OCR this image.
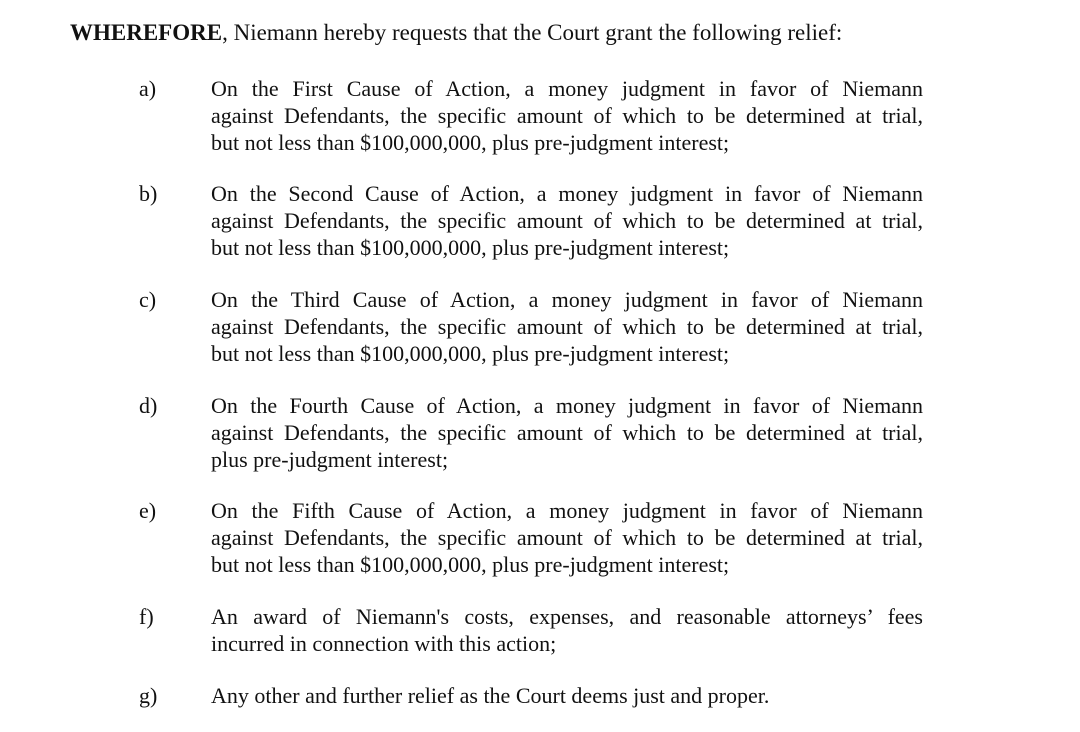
WHEREFORE, Niemann hereby requests that the Court grant the following relief:
a) On the First Cause of Action, a money judgment in favor of Niemann
against Defendants, the specific amount of which to be determined at trial,
but not less than $100,000,000, plus pre-judgment interest;
b) On the Second Cause of Action, a money judgment in favor of Niemann
against Defendants, the specific amount of which to be determined at trial,
but not less than $100,000,000, plus pre-judgment interest;
c) On the Third Cause of Action, a money judgment in favor of Niemann
against Defendants, the specific amount of which to be determined at trial,
but not less than $100,000,000, plus pre-judgment interest;
d) On the Fourth Cause of Action, a money judgment in favor of Niemann
against Defendants, the specific amount of which to be determined at trial,
plus pre-judgment interest;
e) On the Fifth Cause of Action, a money judgment in favor of Niemann
against Defendants, the specific amount of which to be determined at trial,
but not less than $100,000,000, plus pre-judgment interest;
f)	An award of Niemann's costs, expenses, and reasonable attorneys’ fees
incurred in connection with this action;
g) Any other and further relief as the Court deems just and proper.
